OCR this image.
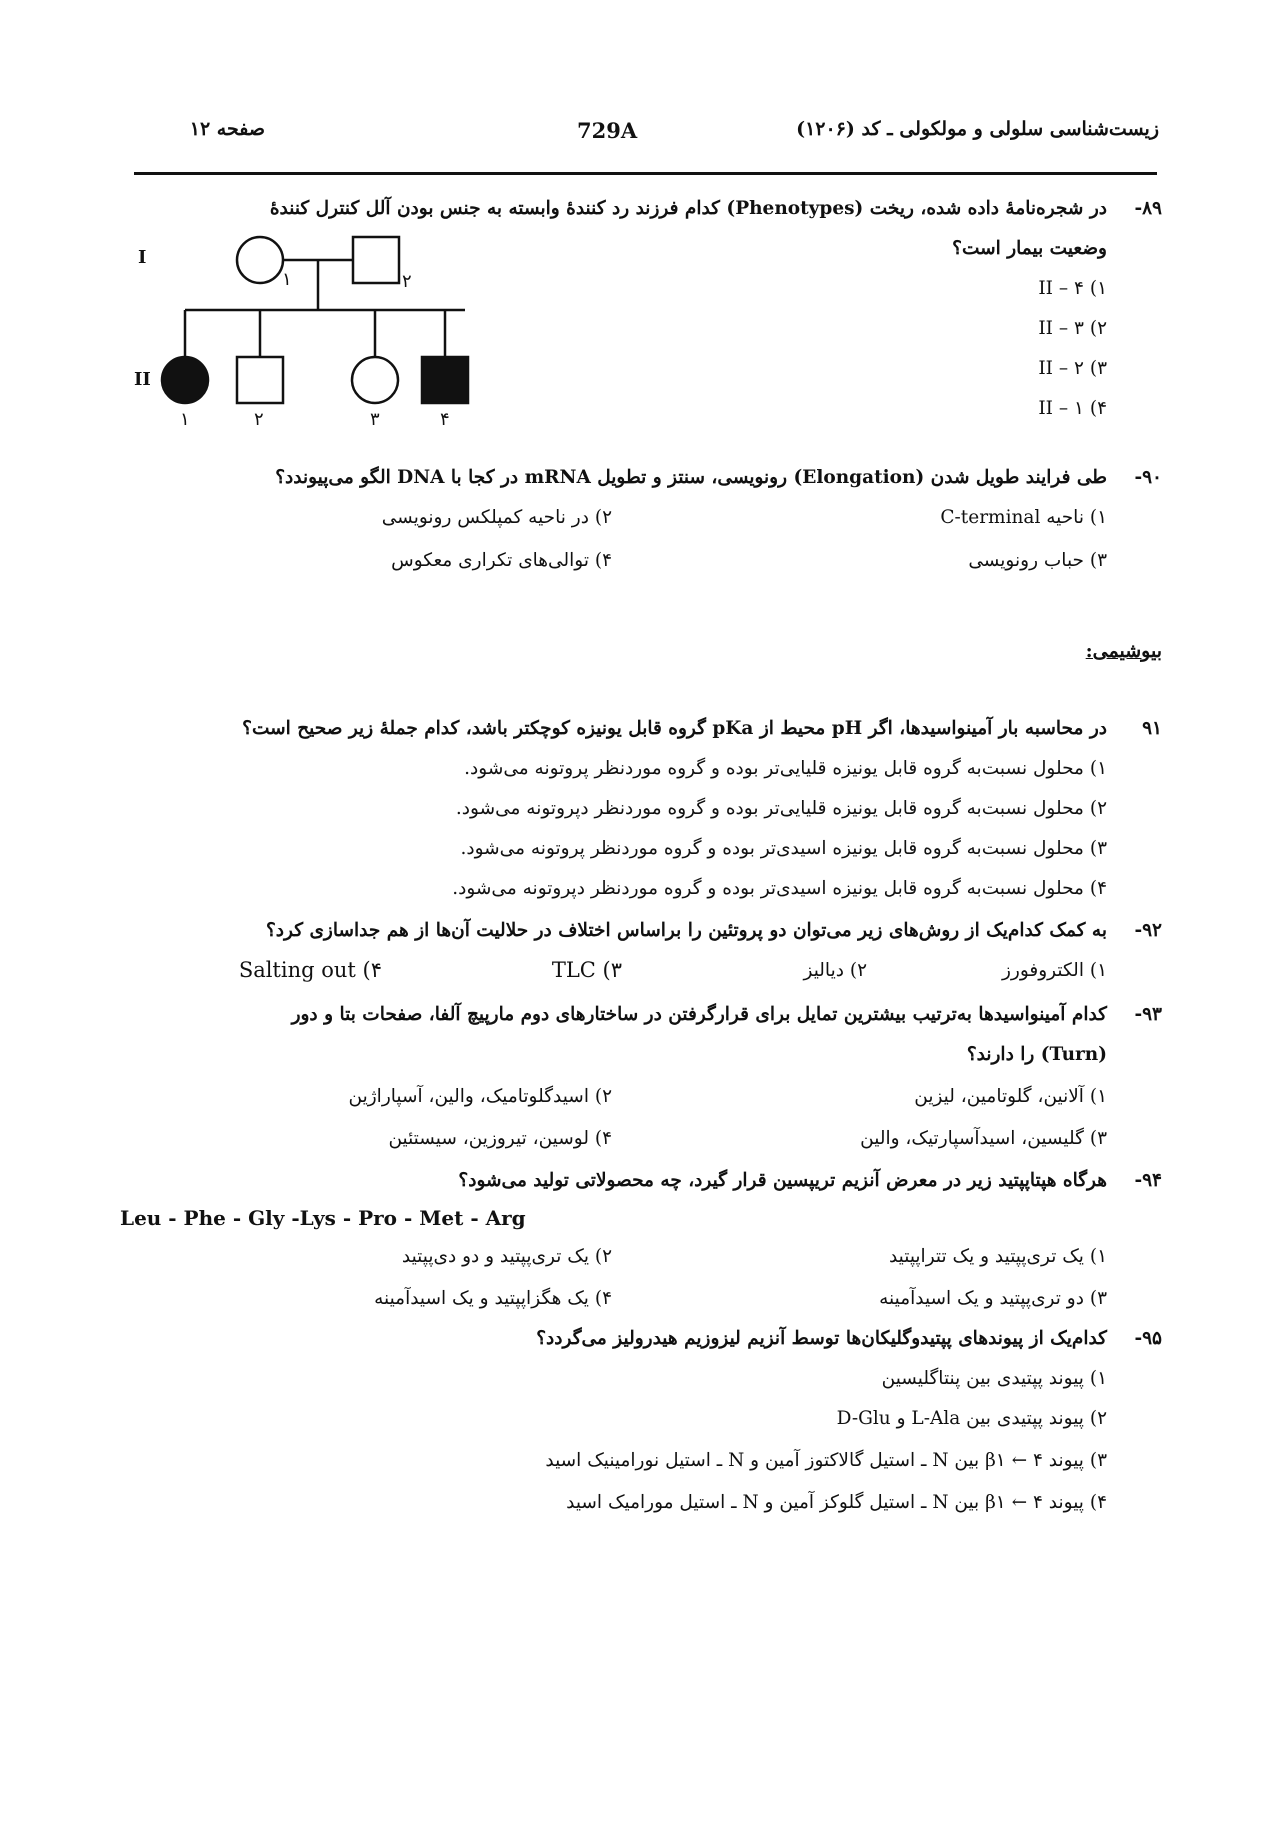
زیست‌شناسی سلولی و مولکولی ـ کد (۱۲۰۶)
729A
صفحه ۱۲
۸۹-
در شجره‌نامهٔ داده شده، ریخت (Phenotypes) کدام فرزند رد کنندهٔ وابسته به جنس بودن آلل کنترل کنندهٔ
وضعیت بیمار است؟
۱) II – ۴
۲) II – ۳
۳) II – ۲
۴) II – ۱
I
II
۱	۲
۱	۲	۳	۴
۹۰-
طی فرایند طویل شدن (Elongation) رونویسی، سنتز و تطویل mRNA در کجا با DNA الگو می‌پیوندد؟
۱) ناحیه C-terminal
۲) در ناحیه کمپلکس رونویسی
۳) حباب رونویسی
۴) توالی‌های تکراری معکوس
بیوشیمی:
۹۱
در محاسبه بار آمینواسیدها، اگر pH محیط از pKa گروه قابل یونیزه کوچکتر باشد، کدام جملهٔ زیر صحیح است؟
۱) محلول نسبت‌به گروه قابل یونیزه قلیایی‌تر بوده و گروه موردنظر پروتونه می‌شود.
۲) محلول نسبت‌به گروه قابل یونیزه قلیایی‌تر بوده و گروه موردنظر دپروتونه می‌شود.
۳) محلول نسبت‌به گروه قابل یونیزه اسیدی‌تر بوده و گروه موردنظر پروتونه می‌شود.
۴) محلول نسبت‌به گروه قابل یونیزه اسیدی‌تر بوده و گروه موردنظر دپروتونه می‌شود.
۹۲-
به کمک کدام‌یک از روش‌های زیر می‌توان دو پروتئین را براساس اختلاف در حلالیت آن‌ها از هم جداسازی کرد؟
۱) الکتروفورز
۲) دیالیز
۳) TLC
۴) Salting out
۹۳-
کدام آمینواسیدها به‌ترتیب بیشترین تمایل برای قرارگرفتن در ساختارهای دوم مارپیچ آلفا، صفحات بتا و دور
(Turn) را دارند؟
۱) آلانین، گلوتامین، لیزین
۲) اسیدگلوتامیک، والین، آسپاراژین
۳) گلیسین، اسیدآسپارتیک، والین
۴) لوسین، تیروزین، سیستئین
۹۴-
هرگاه هپتاپپتید زیر در معرض آنزیم تریپسین قرار گیرد، چه محصولاتی تولید می‌شود؟
Leu - Phe - Gly -Lys - Pro - Met - Arg
۱) یک تری‌پپتید و یک تتراپپتید
۲) یک تری‌پپتید و دو دی‌پپتید
۳) دو تری‌پپتید و یک اسیدآمینه
۴) یک هگزاپپتید و یک اسیدآمینه
۹۵-
کدام‌یک از پیوندهای پپتیدوگلیکان‌ها توسط آنزیم لیزوزیم هیدرولیز می‌گردد؟
۱) پیوند پپتیدی بین پنتاگلیسین
۲) پیوند پپتیدی بین L-Ala و D-Glu
۳) پیوند ۴ ← β۱ بین N ـ استیل گالاکتوز آمین و N ـ استیل نورامینیک اسید
۴) پیوند ۴ ← β۱ بین N ـ استیل گلوکز آمین و N ـ استیل مورامیک اسید
